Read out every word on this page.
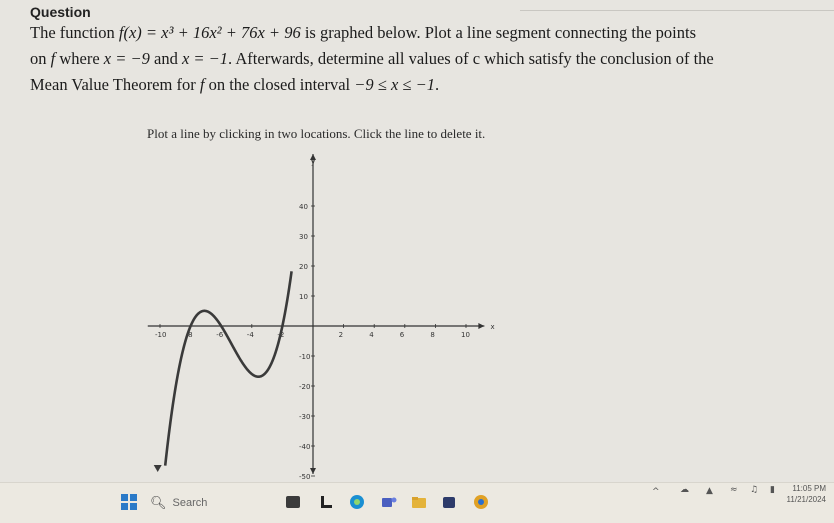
Question

The function f(x) = x³ + 16x² + 76x + 96 is graphed below. Plot a line segment connecting the points

on f where x = −9 and x = −1. Afterwards, determine all values of c which satisfy the conclusion of the

Mean Value Theorem for f on the closed interval −9 ≤ x ≤ −1.

Plot a line by clicking in two locations. Click the line to delete it.
x
y
-10	-8	-6	-4	-2	2	4	6	8	10
40
30
20
10
-10
-20
-30
-40
-50
🔍︎ Search
^ ☁ ▲ ≈ ♫ ▮	11:05 PM
11/21/2024
